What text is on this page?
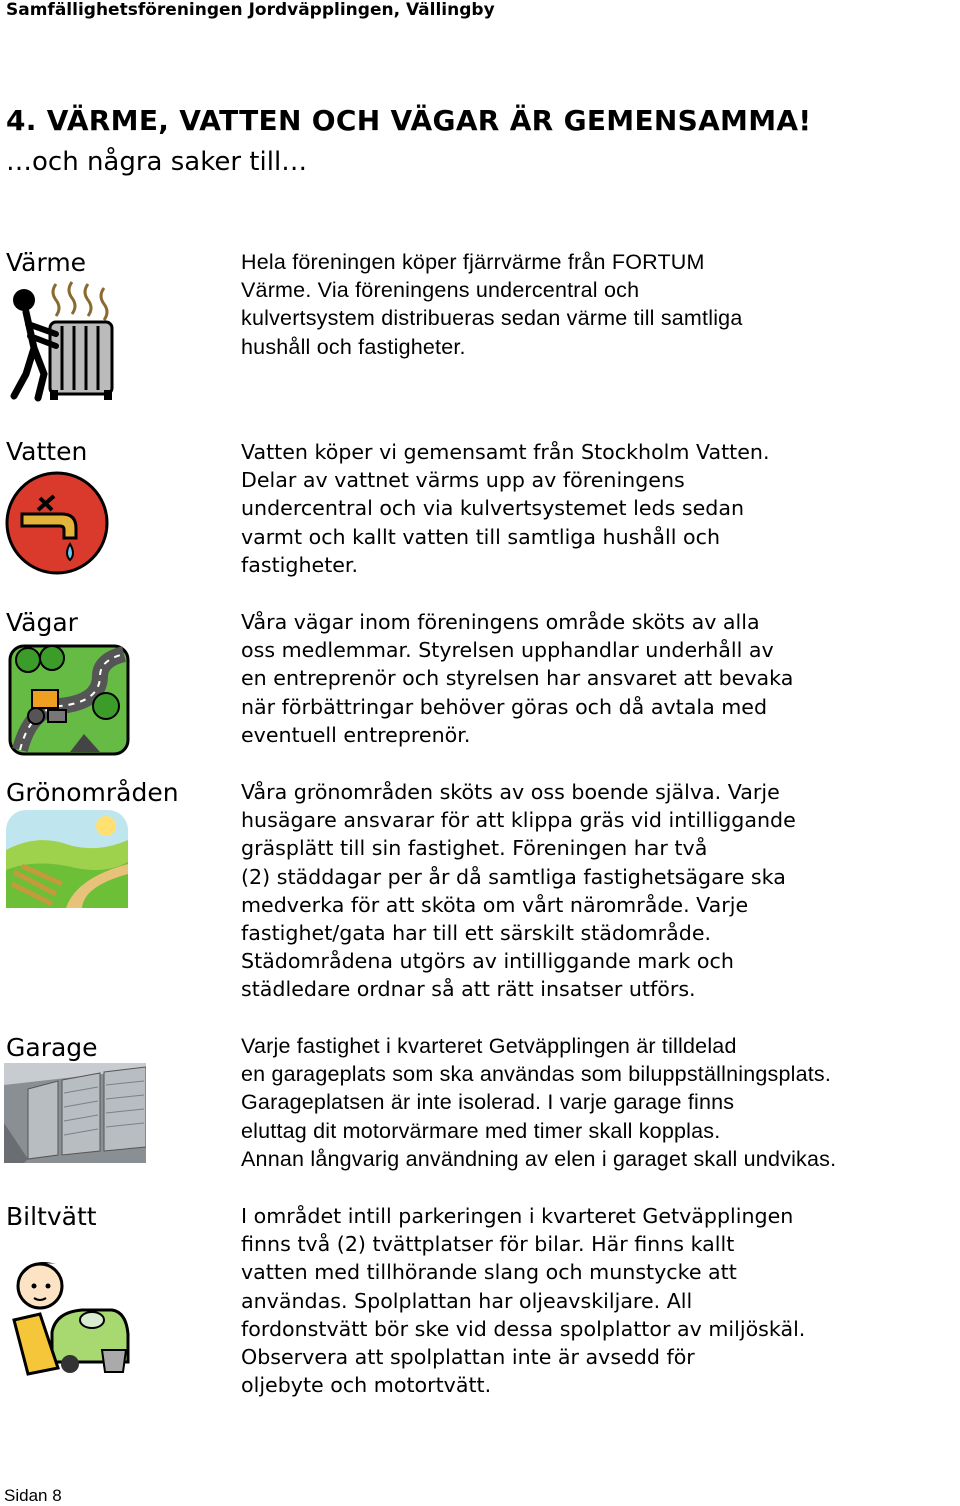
Samfällighetsföreningen Jordväpplingen, Vällingby
4. VÄRME, VATTEN OCH VÄGAR ÄR GEMENSAMMA!
…och några saker till…
Värme	Hela föreningen köper fjärrvärme från FORTUM
Värme. Via föreningens undercentral och
kulvertsystem distribueras sedan värme till samtliga
hushåll och fastigheter.

Vatten	Vatten köper vi gemensamt från Stockholm Vatten.
Delar av vattnet värms upp av föreningens
undercentral och via kulvertsystemet leds sedan
varmt och kallt vatten till samtliga hushåll och
fastigheter.

Vägar	Våra vägar inom föreningens område sköts av alla
oss medlemmar. Styrelsen upphandlar underhåll av
en entreprenör och styrelsen har ansvaret att bevaka
när förbättringar behöver göras och då avtala med
eventuell entreprenör.

Grönområden	Våra grönområden sköts av oss boende själva. Varje
husägare ansvarar för att klippa gräs vid intilliggande
gräsplätt till sin fastighet. Föreningen har två
(2) städdagar per år då samtliga fastighetsägare ska
medverka för att sköta om vårt närområde. Varje
fastighet/gata har till ett särskilt städområde.
Städområdena utgörs av intilliggande mark och
städledare ordnar så att rätt insatser utförs.

Garage	Varje fastighet i kvarteret Getväpplingen är tilldelad
en garageplats som ska användas som biluppställningsplats.
Garageplatsen är inte isolerad. I varje garage finns
eluttag dit motorvärmare med timer skall kopplas.
Annan långvarig användning av elen i garaget skall undvikas.

Biltvätt	I området intill parkeringen i kvarteret Getväpplingen
finns två (2) tvättplatser för bilar. Här finns kallt
vatten med tillhörande slang och munstycke att
användas. Spolplattan har oljeavskiljare. All
fordonstvätt bör ske vid dessa spolplattor av miljöskäl.
Observera att spolplattan inte är avsedd för
oljebyte och motortvätt.

Sidan 8
